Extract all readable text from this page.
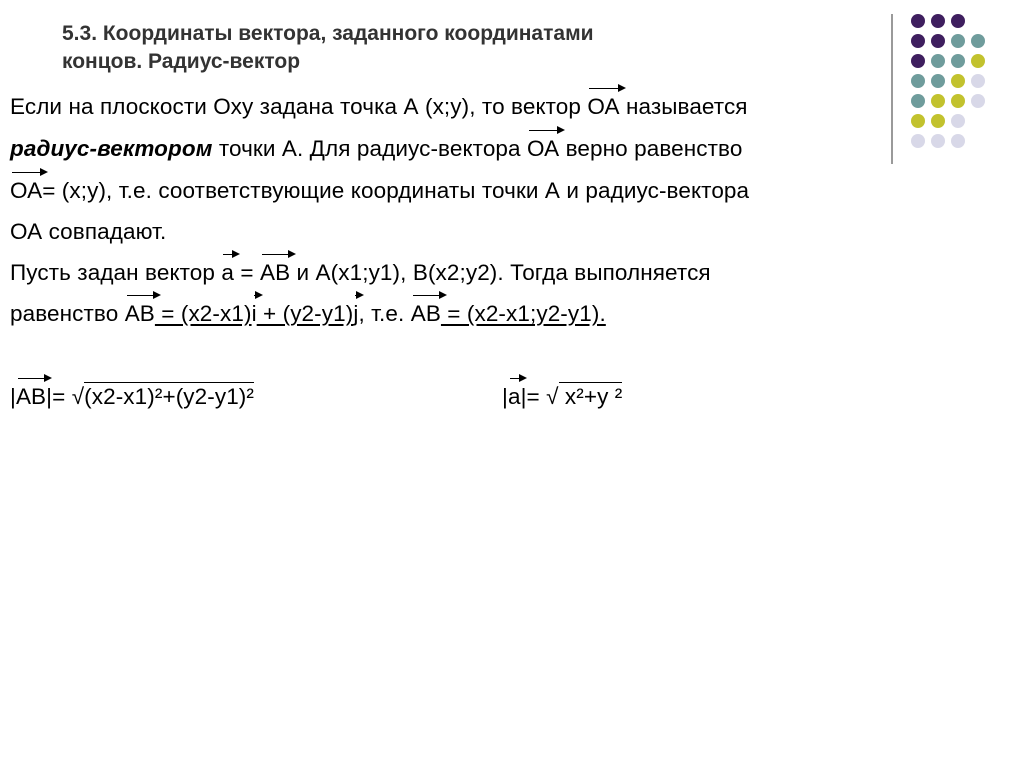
5.3. Координаты вектора, заданного координатами
концов. Радиус-вектор
Если на плоскости Оху задана точка А (х;у), то вектор ОА называется
радиус-вектором точки А. Для радиус-вектора ОА верно равенство
ОА= (х;у), т.е. соответствующие координаты точки А и радиус-вектора
ОА совпадают.
Пусть задан вектор а = АВ и А(х1;у1), В(х2;у2). Тогда выполняется
равенство АВ = (х2-х1)i + (у2-у1)j, т.е. АВ = (х2-х1;у2-у1).
|АВ|= √(х2-х1)²+(у2-у1)²	|а|= √ х²+у ²
